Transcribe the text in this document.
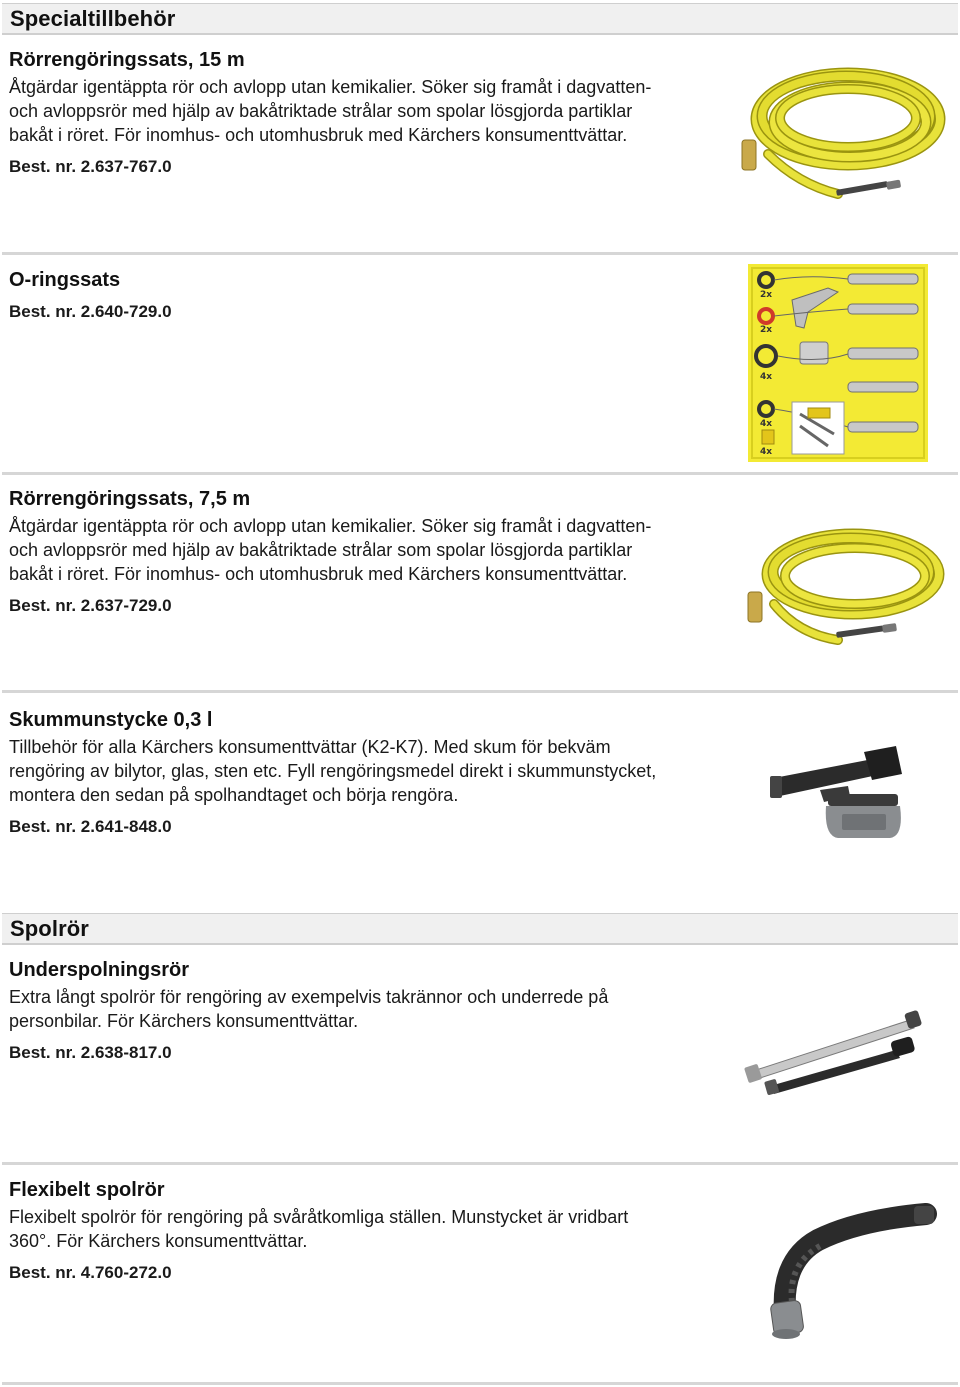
Specialtillbehör
Rörrengöringssats, 15 m

Åtgärdar igentäppta rör och avlopp utan kemikalier. Söker sig framåt i dagvatten-
och avloppsrör med hjälp av bakåtriktade strålar som spolar lösgjorda partiklar
bakåt i röret. För inomhus- och utomhusbruk med Kärchers konsumenttvättar.

Best. nr. 2.637-767.0

O-ringssats

Best. nr. 2.640-729.0

2x
2x
4x
4x
4x
Rörrengöringssats, 7,5 m

Åtgärdar igentäppta rör och avlopp utan kemikalier. Söker sig framåt i dagvatten-
och avloppsrör med hjälp av bakåtriktade strålar som spolar lösgjorda partiklar
bakåt i röret. För inomhus- och utomhusbruk med Kärchers konsumenttvättar.

Best. nr. 2.637-729.0

Skummunstycke 0,3 l

Tillbehör för alla Kärchers konsumenttvättar (K2-K7). Med skum för bekväm
rengöring av bilytor, glas, sten etc. Fyll rengöringsmedel direkt i skummunstycket,
montera den sedan på spolhandtaget och börja rengöra.

Best. nr. 2.641-848.0

Spolrör
Underspolningsrör

Extra långt spolrör för rengöring av exempelvis takrännor och underrede på
personbilar. För Kärchers konsumenttvättar.

Best. nr. 2.638-817.0

Flexibelt spolrör

Flexibelt spolrör för rengöring på svåråtkomliga ställen. Munstycket är vridbart
360°. För Kärchers konsumenttvättar.

Best. nr. 4.760-272.0
